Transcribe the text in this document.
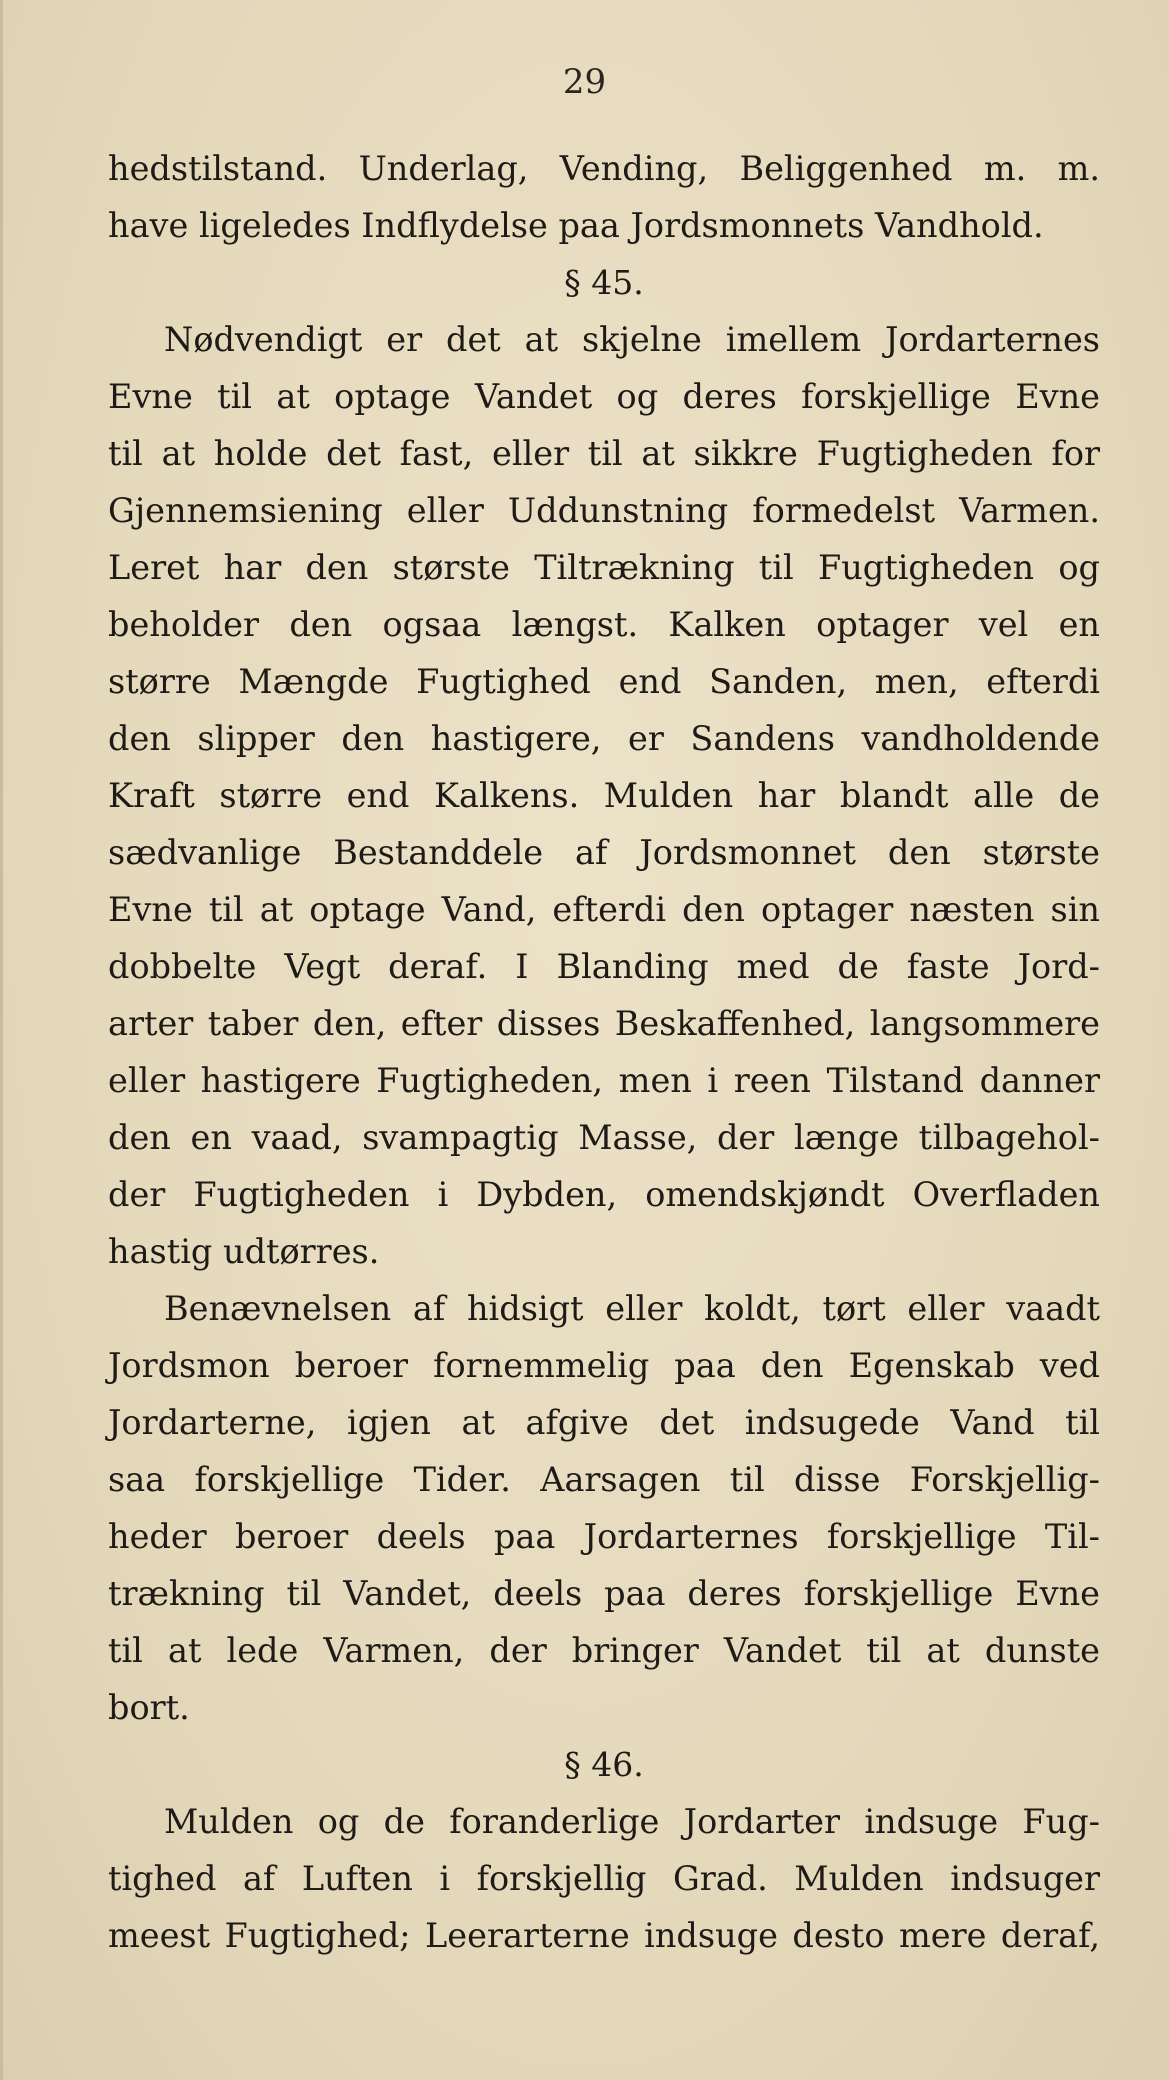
29
hedstilstand. Underlag, Vending, Beliggenhed m. m.
have ligeledes Indflydelse paa Jordsmonnets Vandhold.
§ 45.
Nødvendigt er det at skjelne imellem Jordarternes
Evne til at optage Vandet og deres forskjellige Evne
til at holde det fast, eller til at sikkre Fugtigheden for
Gjennemsiening eller Uddunstning formedelst Varmen.
Leret har den største Tiltrækning til Fugtigheden og
beholder den ogsaa længst. Kalken optager vel en
større Mængde Fugtighed end Sanden, men, efterdi
den slipper den hastigere, er Sandens vandholdende
Kraft større end Kalkens. Mulden har blandt alle de
sædvanlige Bestanddele af Jordsmonnet den største
Evne til at optage Vand, efterdi den optager næsten sin
dobbelte Vegt deraf. I Blanding med de faste Jord-
arter taber den, efter disses Beskaffenhed, langsommere
eller hastigere Fugtigheden, men i reen Tilstand danner
den en vaad, svampagtig Masse, der længe tilbagehol-
der Fugtigheden i Dybden, omendskjøndt Overfladen
hastig udtørres.
Benævnelsen af hidsigt eller koldt, tørt eller vaadt
Jordsmon beroer fornemmelig paa den Egenskab ved
Jordarterne, igjen at afgive det indsugede Vand til
saa forskjellige Tider. Aarsagen til disse Forskjellig-
heder beroer deels paa Jordarternes forskjellige Til-
trækning til Vandet, deels paa deres forskjellige Evne
til at lede Varmen, der bringer Vandet til at dunste
bort.
§ 46.
Mulden og de foranderlige Jordarter indsuge Fug-
tighed af Luften i forskjellig Grad. Mulden indsuger
meest Fugtighed; Leerarterne indsuge desto mere deraf,
